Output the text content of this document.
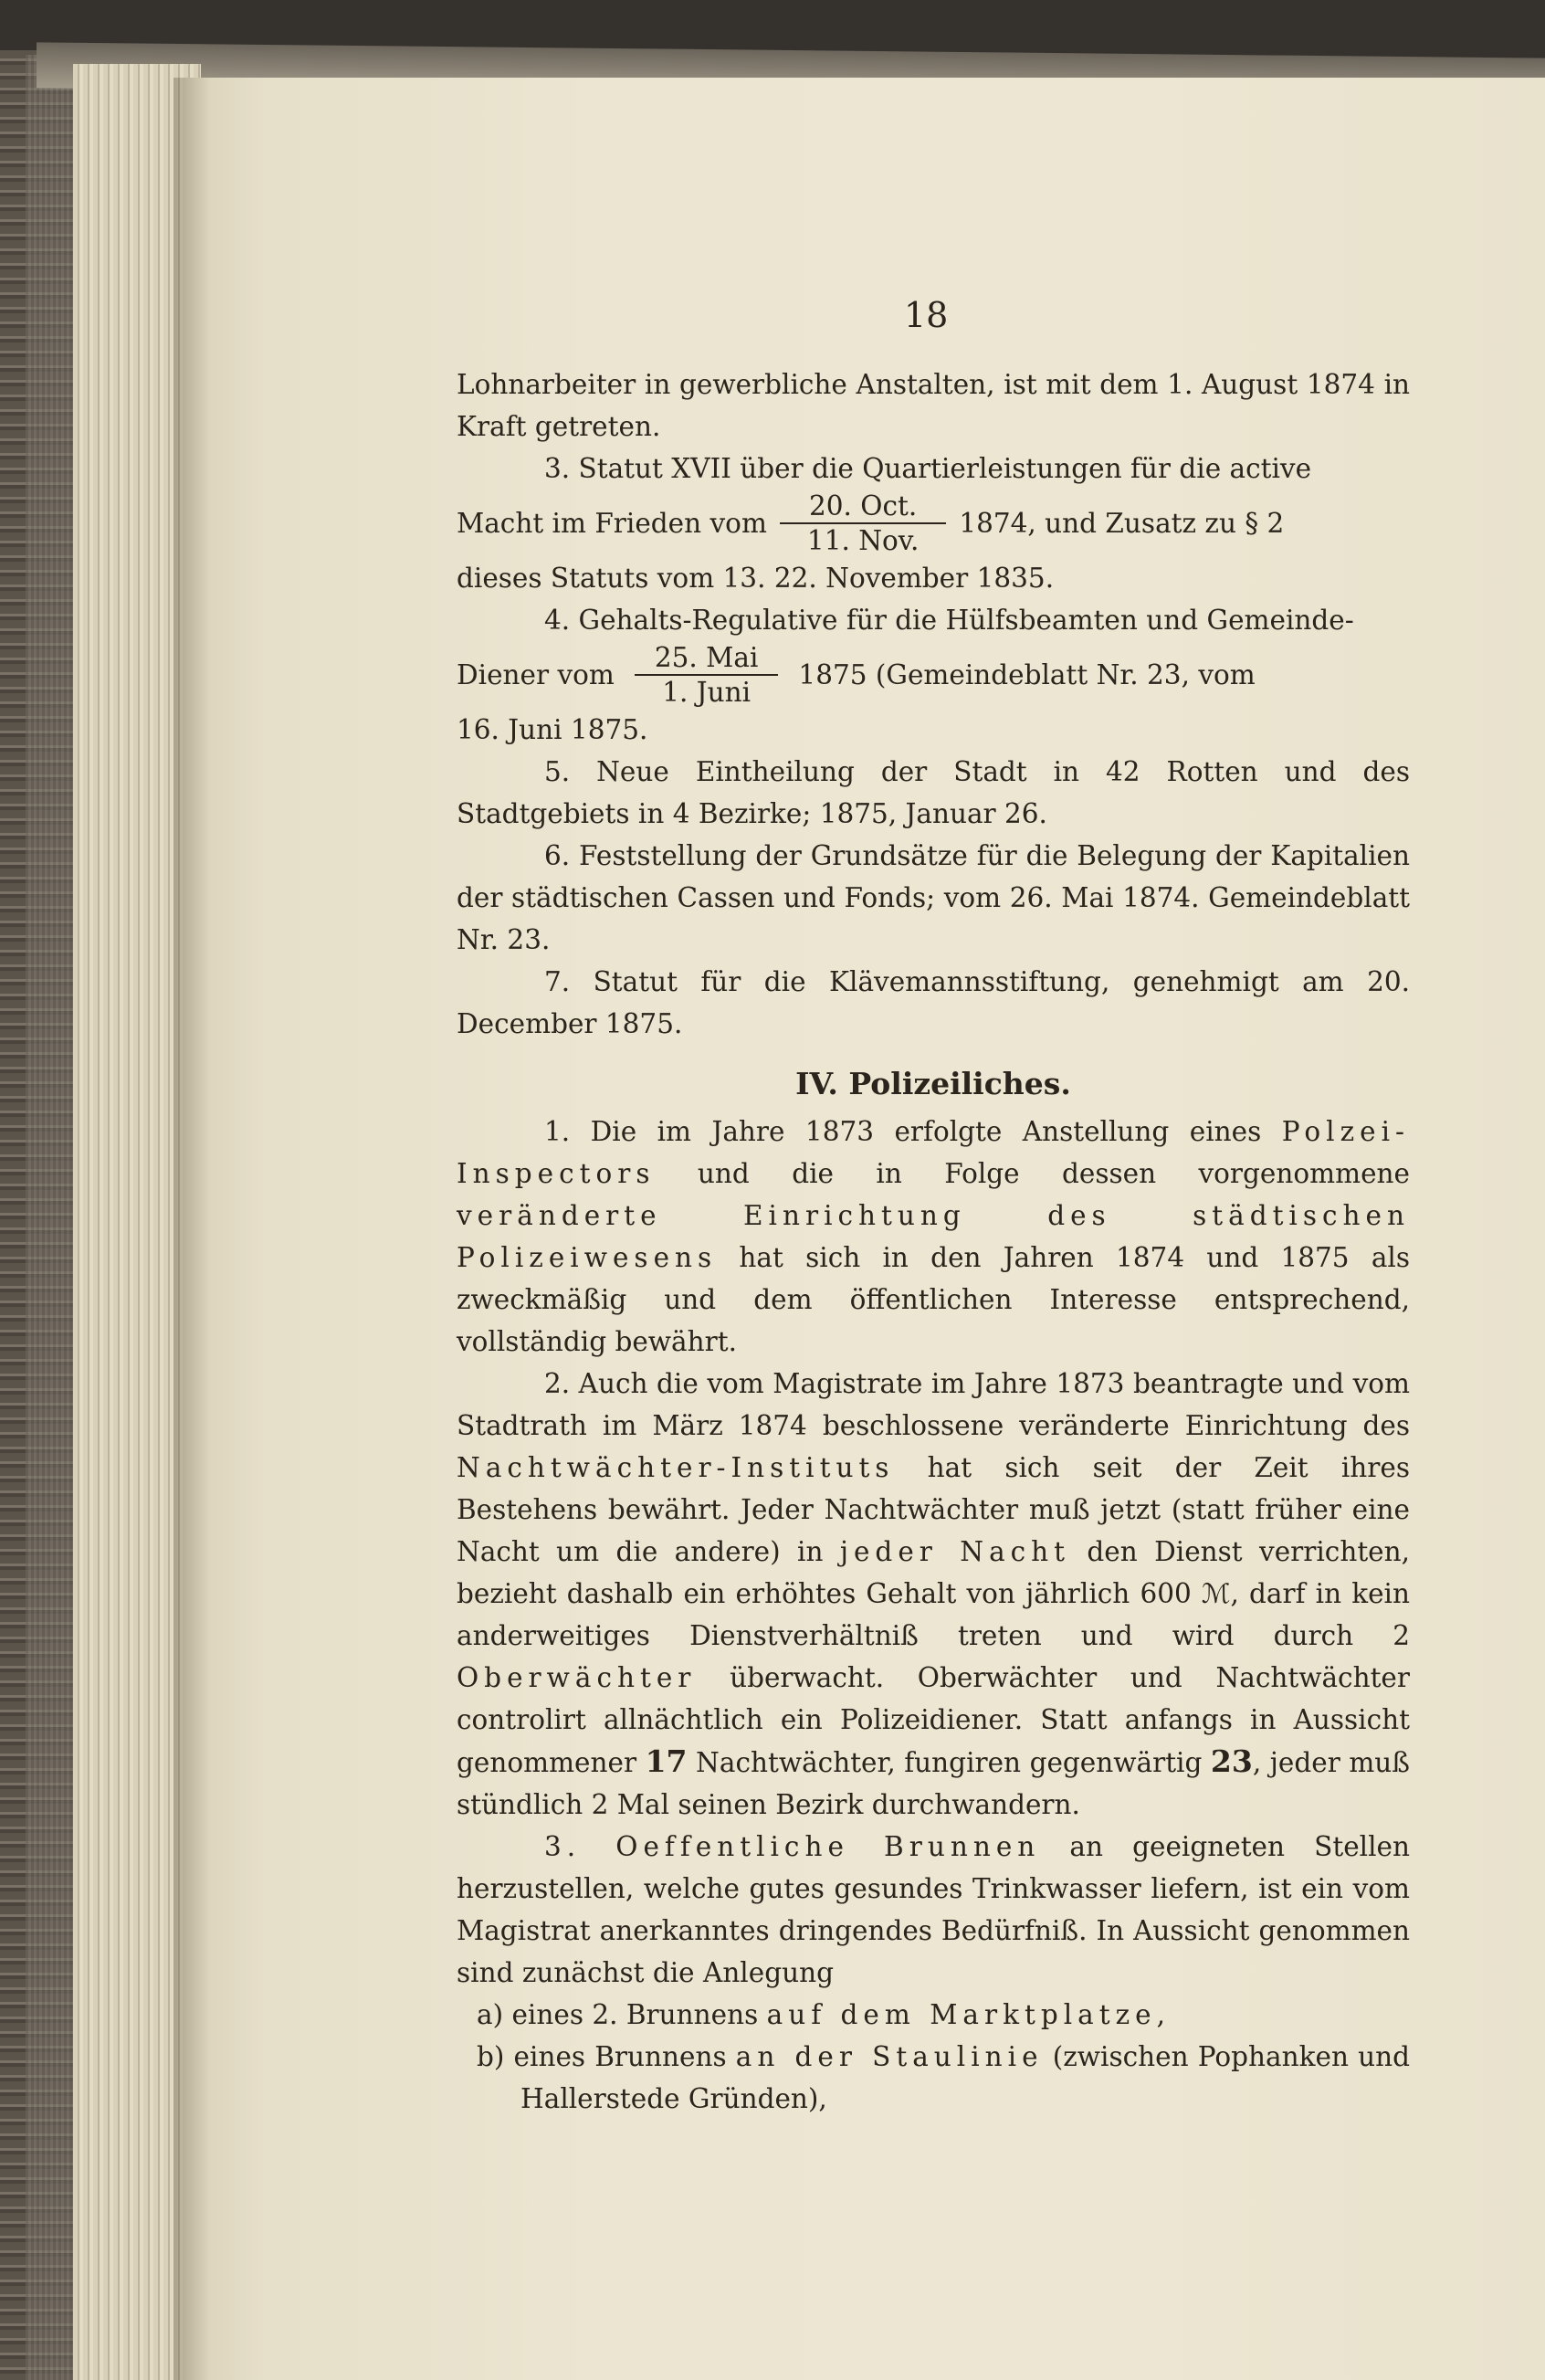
18

Lohnarbeiter in gewerbliche Anstalten, ist mit dem 1. August 1874 in Kraft getreten.

3. Statut XVII über die Quartierleistungen für die active

Macht im Frieden vom $\frac{\text{20. Oct.}}{\text{11. Nov.}} 1874$, und Zusatz zu § 2

dieses Statuts vom 13. 22. November 1835.

4. Gehalts-Regulative für die Hülfsbeamten und Gemeinde-

Diener vom $\frac{\text{25. Mai}}{\text{1. Juni}} 1875$ (Gemeindeblatt Nr. 23, vom

16. Juni 1875.

5. Neue Eintheilung der Stadt in 42 Rotten und des Stadtgebiets in 4 Bezirke; 1875, Januar 26.

6. Feststellung der Grundsätze für die Belegung der Kapitalien der städtischen Cassen und Fonds; vom 26. Mai 1874. Gemeindeblatt Nr. 23.

7. Statut für die Klävemannsstiftung, genehmigt am 20. December 1875.

IV. Polizeiliches.

1. Die im Jahre 1873 erfolgte Anstellung eines Polzei-Inspectors und die in Folge dessen vorgenommene veränderte Einrichtung des städtischen Polizeiwesens hat sich in den Jahren 1874 und 1875 als zweckmäßig und dem öffentlichen Interesse entsprechend, vollständig bewährt.

2. Auch die vom Magistrate im Jahre 1873 beantragte und vom Stadtrath im März 1874 beschlossene veränderte Einrichtung des Nachtwächter-Instituts hat sich seit der Zeit ihres Bestehens bewährt. Jeder Nachtwächter muß jetzt (statt früher eine Nacht um die andere) in jeder Nacht den Dienst verrichten, bezieht dashalb ein erhöhtes Gehalt von jährlich 600 ℳ, darf in kein anderweitiges Dienstverhältniß treten und wird durch 2 Oberwächter überwacht. Oberwächter und Nachtwächter controlirt allnächtlich ein Polizeidiener. Statt anfangs in Aussicht genommener 17 Nachtwächter, fungiren gegenwärtig 23, jeder muß stündlich 2 Mal seinen Bezirk durchwandern.

3. Oeffentliche Brunnen an geeigneten Stellen herzustellen, welche gutes gesundes Trinkwasser liefern, ist ein vom Magistrat anerkanntes dringendes Bedürfniß. In Aussicht genommen sind zunächst die Anlegung

a) eines 2. Brunnens auf dem Marktplatze,

b) eines Brunnens an der Staulinie (zwischen Pophanken und Hallerstede Gründen),
